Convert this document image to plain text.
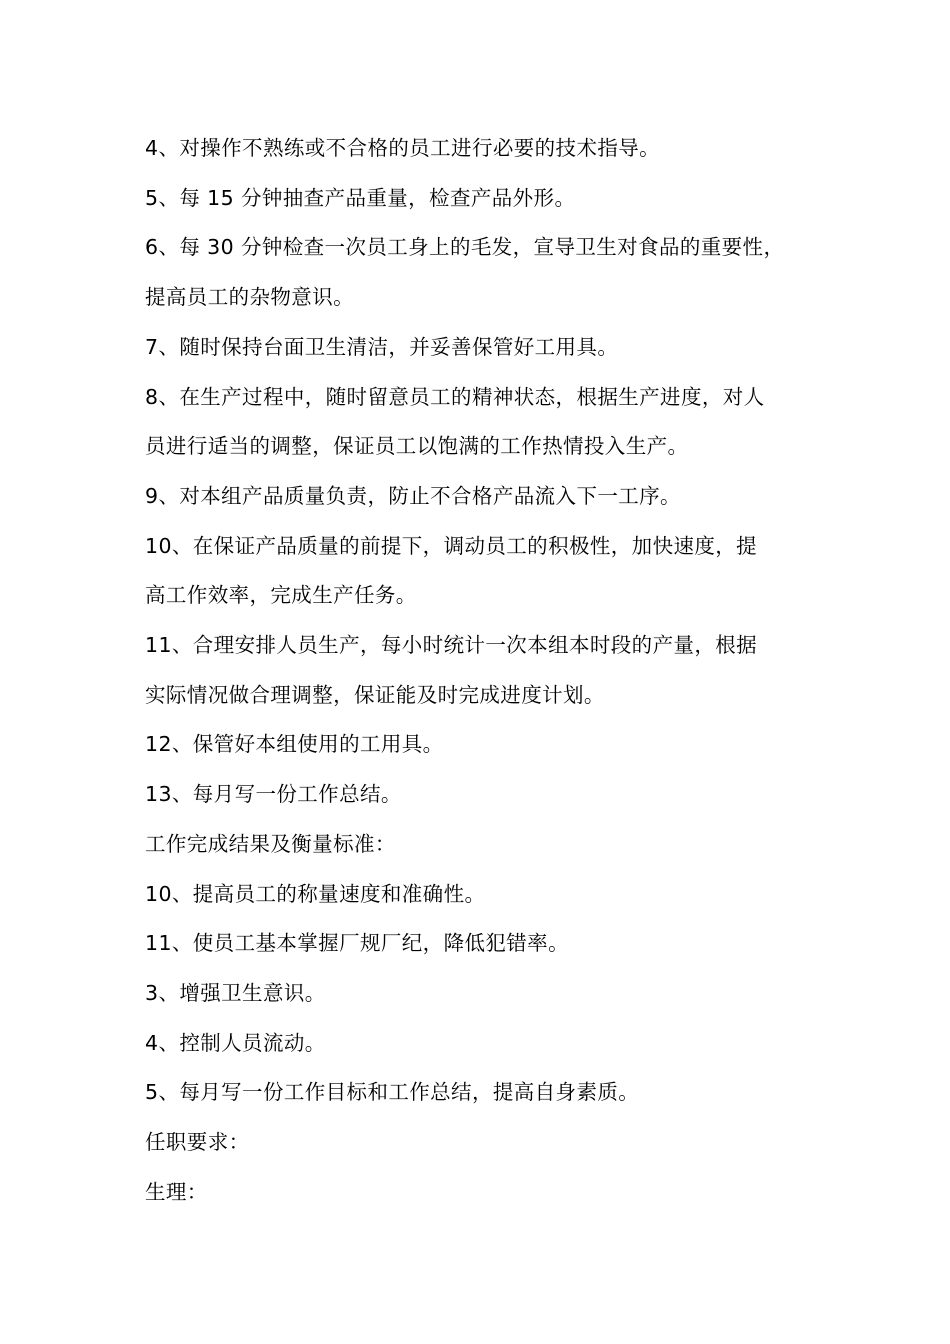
4、对操作不熟练或不合格的员工进行必要的技术指导。

5、每 15 分钟抽查产品重量，检查产品外形。

6、每 30 分钟检查一次员工身上的毛发，宣导卫生对食品的重要性，

提高员工的杂物意识。

7、随时保持台面卫生清洁，并妥善保管好工用具。

8、在生产过程中，随时留意员工的精神状态，根据生产进度，对人

员进行适当的调整，保证员工以饱满的工作热情投入生产。

9、对本组产品质量负责，防止不合格产品流入下一工序。

10、在保证产品质量的前提下，调动员工的积极性，加快速度，提

高工作效率，完成生产任务。

11、合理安排人员生产，每小时统计一次本组本时段的产量，根据

实际情况做合理调整，保证能及时完成进度计划。

12、保管好本组使用的工用具。

13、每月写一份工作总结。

工作完成结果及衡量标准：

10、提高员工的称量速度和准确性。

11、使员工基本掌握厂规厂纪，降低犯错率。

3、增强卫生意识。

4、控制人员流动。

5、每月写一份工作目标和工作总结，提高自身素质。

任职要求：

生理：
